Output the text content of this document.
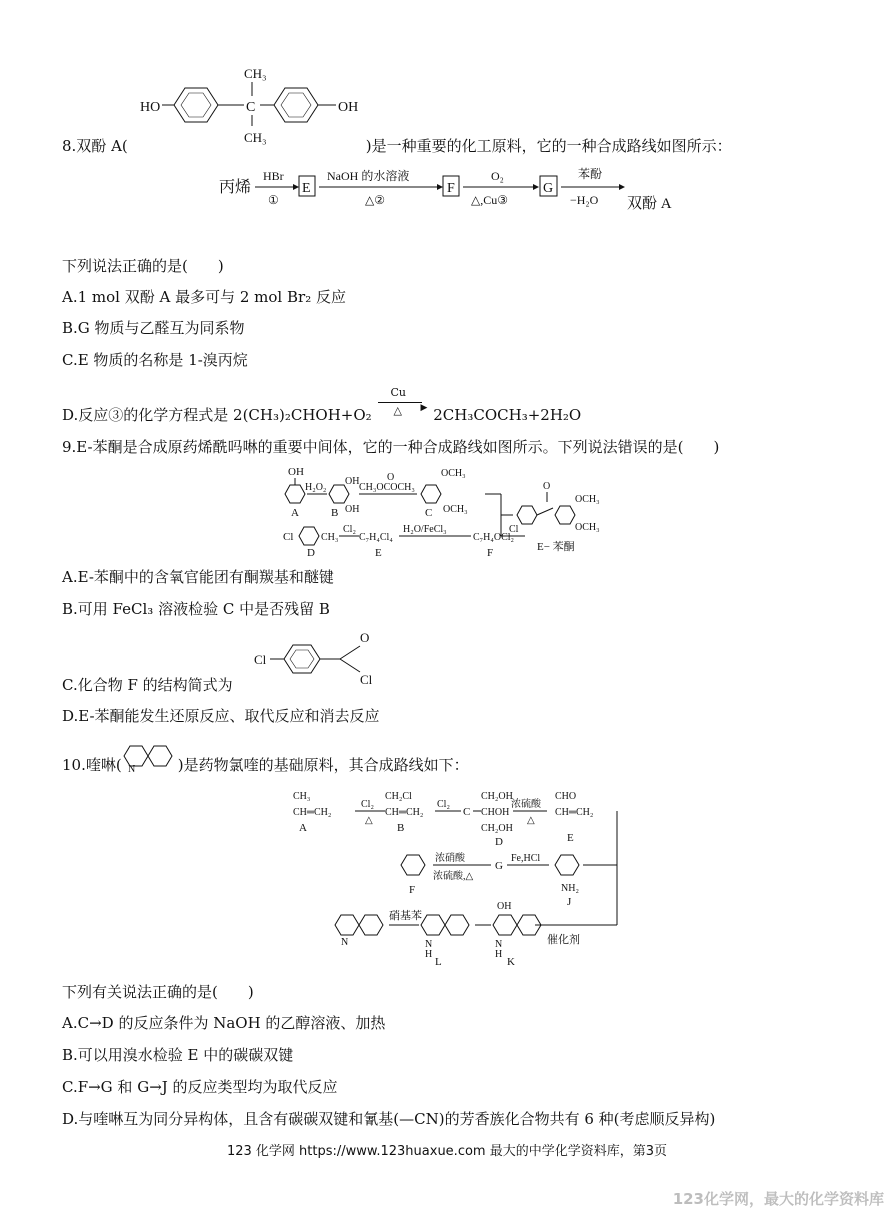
HO	C
CH₃
CH₃
OH
8.双酚 A(	)是一种重要的化工原料，它的一种合成路线如图所示：
丙烯
HBr
①
E
NaOH 的水溶液
△②
F
O₂
△,Cu③
G
苯酚
−H₂O 双酚 A
下列说法正确的是(　　)
A.1 mol 双酚 A 最多可与 2 mol Br₂ 反应
B.G 物质与乙醛互为同系物
C.E 物质的名称是 1-溴丙烷
D.反应③的化学方程式是 2(CH₃)₂CHOH+O₂
Cu
▶
△ 2CH₃COCH₃+2H₂O
9.E-苯酮是合成原药烯酰吗啉的重要中间体，它的一种合成路线如图所示。下列说法错误的是(　　)
OH
A
H₂O₂
OH
OH
B
O
CH₃OCOCH₃
OCH₃
OCH₃
C
Cl	CH₃
D
Cl₂
C₇H₄Cl₄
E
H₂O/FeCl₃
C₇H₄OCl₂
F
O
Cl
OCH₃
OCH₃
E− 苯酮
A.E-苯酮中的含氧官能团有酮羰基和醚键
B.可用 FeCl₃ 溶液检验 C 中是否残留 B
Cl
O
Cl
C.化合物 F 的结构简式为
D.E-苯酮能发生还原反应、取代反应和消去反应
10.喹啉(	)是药物氯喹的基础原料，其合成路线如下：
N
CH₃
CH═CH₂
A
Cl₂
△
CH₂Cl
CH═CH₂
B
Cl₂
C
CH₂OH
CHOH
CH₂OH
D
浓硫酸
△
CHO
CH═CH₂
E
F
浓硝酸
浓硫酸,△
G
Fe,HCl
NH₂
J
催化剂
OH
N
H
K
N
H
L
硝基苯
N
下列有关说法正确的是(　　)
A.C→D 的反应条件为 NaOH 的乙醇溶液、加热
B.可以用溴水检验 E 中的碳碳双键
C.F→G 和 G→J 的反应类型均为取代反应
D.与喹啉互为同分异构体，且含有碳碳双键和氰基(—CN)的芳香族化合物共有 6 种(考虑顺反异构)
123 化学网 https://www.123huaxue.com 最大的中学化学资料库，第3页
123化学网，最大的化学资料库
